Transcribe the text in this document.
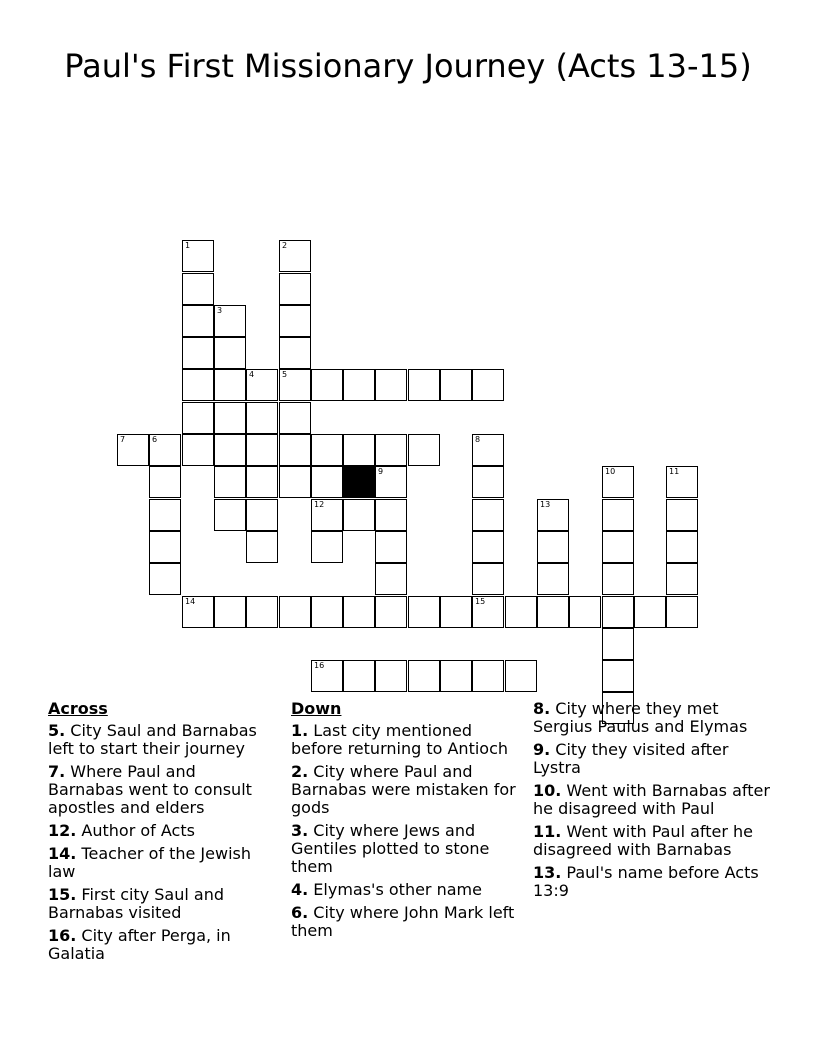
Paul's First Missionary Journey (Acts 13-15)
1
3
4
2
5
6
7
9
12
14
8
15
13
10	11
16
Across
5. City Saul and Barnabas left to start their journey
7. Where Paul and Barnabas went to consult apostles and elders
12. Author of Acts
14. Teacher of the Jewish law
15. First city Saul and Barnabas visited
16. City after Perga, in Galatia
Down
1. Last city mentioned before returning to Antioch
2. City where Paul and Barnabas were mistaken for gods
3. City where Jews and Gentiles plotted to stone them
4. Elymas's other name
6. City where John Mark left them
8. City where they met Sergius Paulus and Elymas
9. City they visited after Lystra
10. Went with Barnabas after he disagreed with Paul
11. Went with Paul after he disagreed with Barnabas
13. Paul's name before Acts 13:9
